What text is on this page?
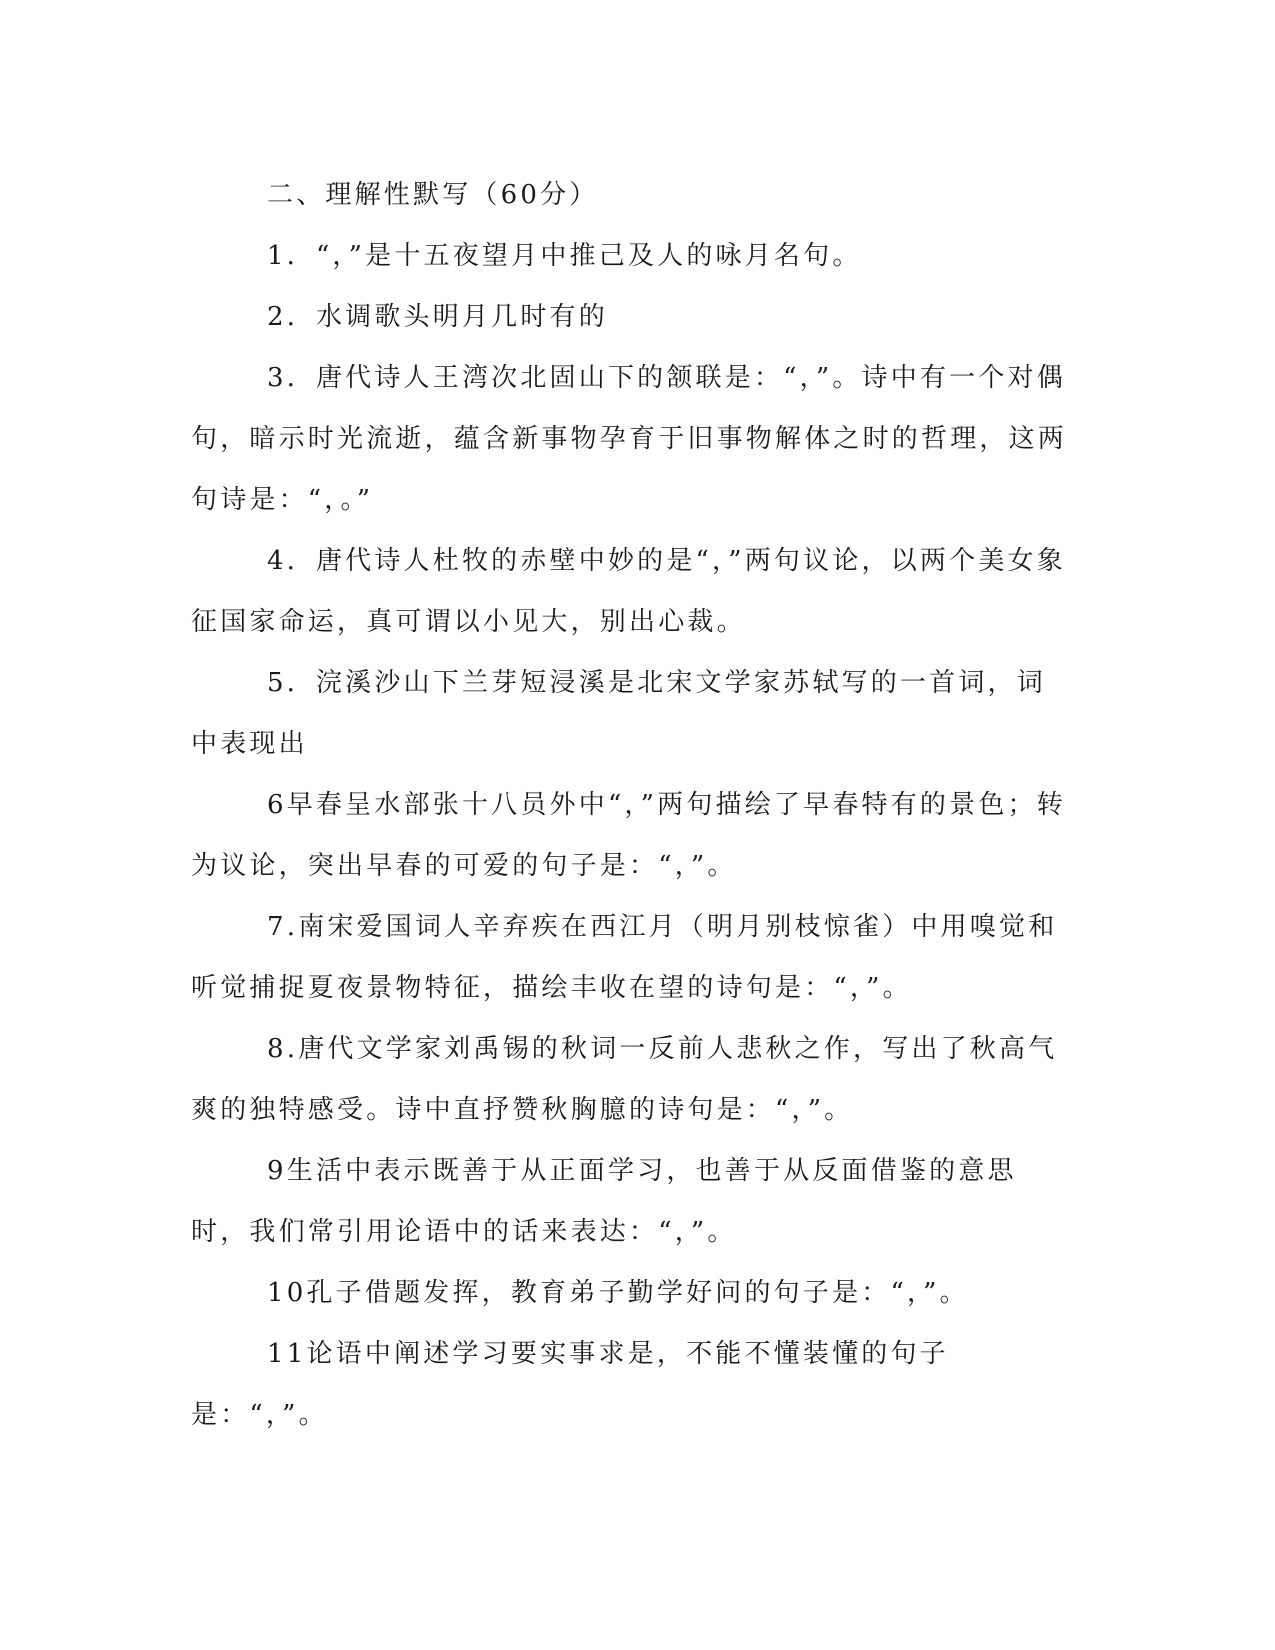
二、理解性默写（60分）

1．“，”是十五夜望月中推己及人的咏月名句。

2．水调歌头明月几时有的

3．唐代诗人王湾次北固山下的颔联是：“，”。诗中有一个对偶句，暗示时光流逝，蕴含新事物孕育于旧事物解体之时的哲理，这两句诗是：“，。”

4．唐代诗人杜牧的赤壁中妙的是“，”两句议论，以两个美女象征国家命运，真可谓以小见大，别出心裁。

5．浣溪沙山下兰芽短浸溪是北宋文学家苏轼写的一首词，词中表现出

6早春呈水部张十八员外中“，”两句描绘了早春特有的景色；转为议论，突出早春的可爱的句子是：“，”。

7.南宋爱国词人辛弃疾在西江月（明月别枝惊雀）中用嗅觉和听觉捕捉夏夜景物特征，描绘丰收在望的诗句是：“，”。

8.唐代文学家刘禹锡的秋词一反前人悲秋之作，写出了秋高气爽的独特感受。诗中直抒赞秋胸臆的诗句是：“，”。

9生活中表示既善于从正面学习，也善于从反面借鉴的意思时，我们常引用论语中的话来表达：“，”。

10孔子借题发挥，教育弟子勤学好问的句子是：“，”。

11论语中阐述学习要实事求是，不能不懂装懂的句子是：“，”。
